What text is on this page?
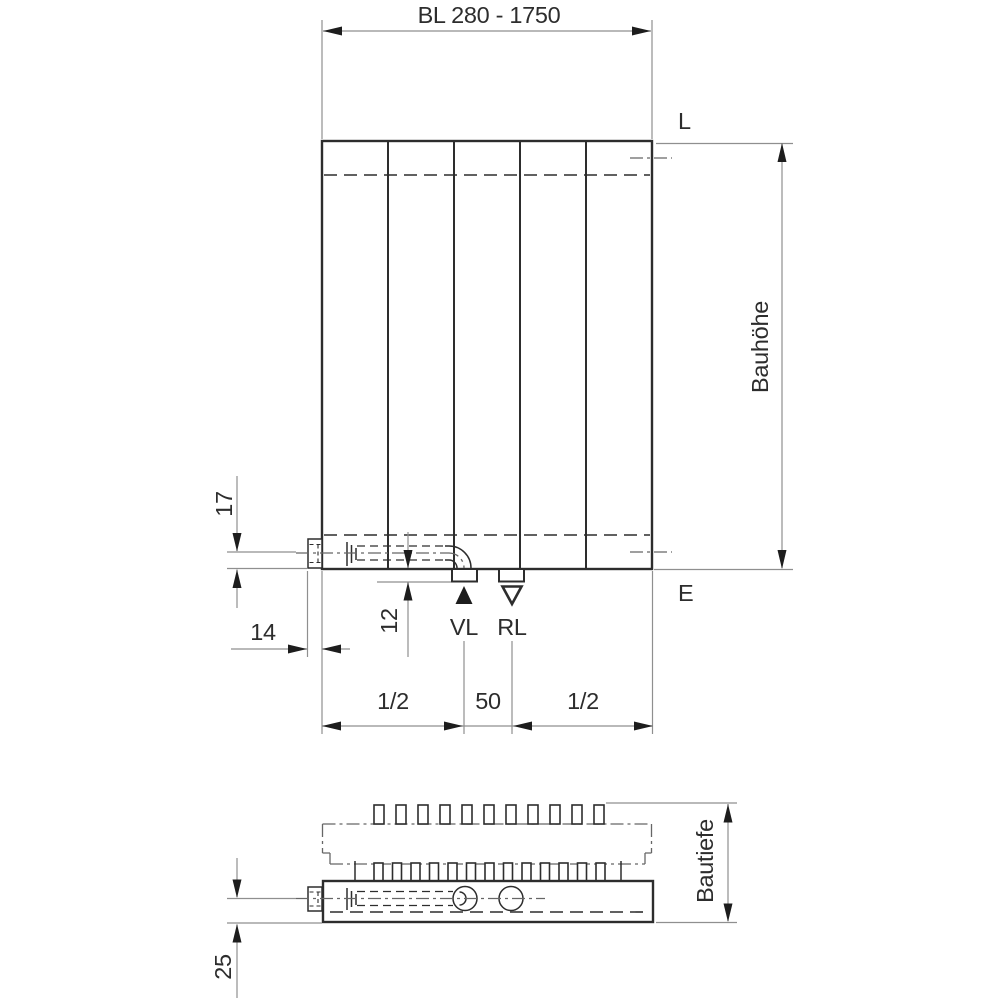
L
E
VL RL
BL 280 - 1750
Bauhöhe
17
14	12
1/2	50	1/2
25
Bautiefe
